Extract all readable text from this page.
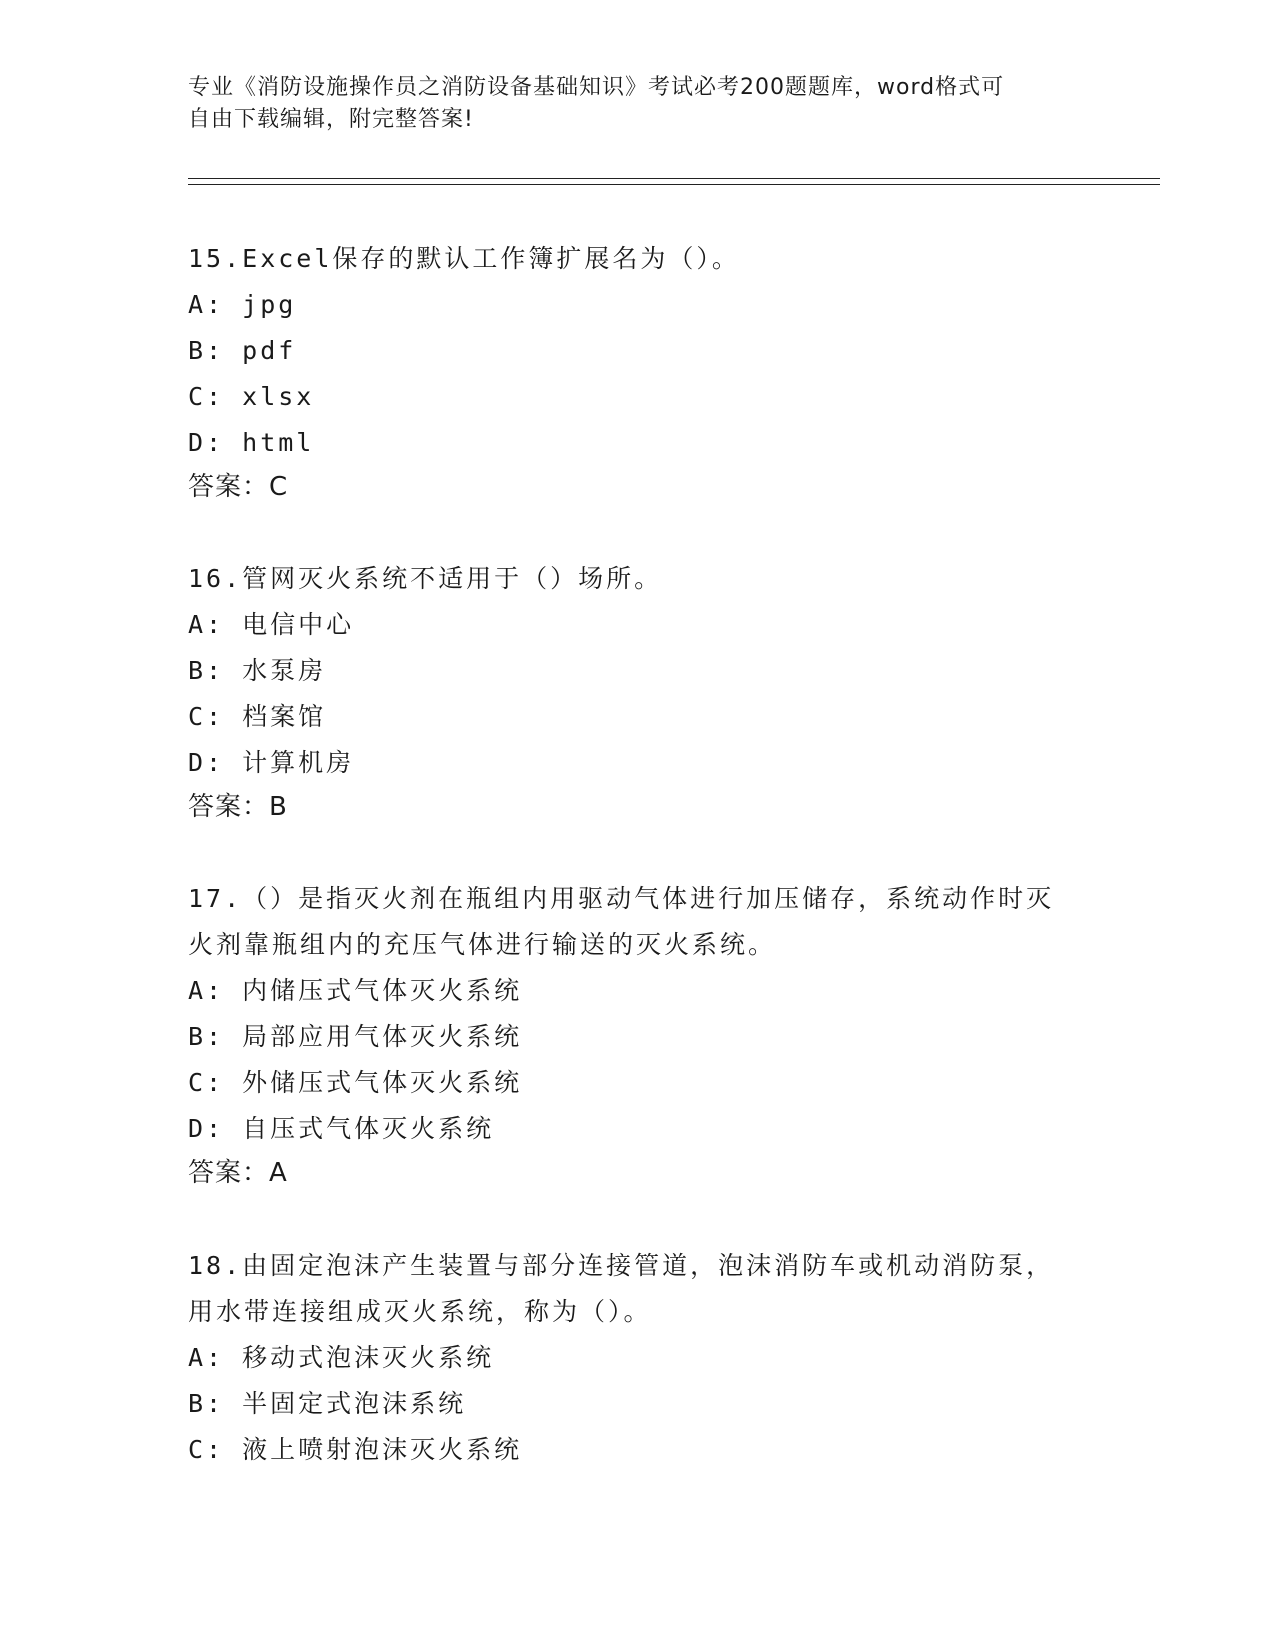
专业《消防设施操作员之消防设备基础知识》考试必考200题题库，word格式可
自由下载编辑，附完整答案!

15.Excel保存的默认工作簿扩展名为（）。

A: jpg

B: pdf

C: xlsx

D: html

答案：C

16.管网灭火系统不适用于（）场所。

A: 电信中心

B: 水泵房

C: 档案馆

D: 计算机房

答案：B

17.（）是指灭火剂在瓶组内用驱动气体进行加压储存，系统动作时灭

火剂靠瓶组内的充压气体进行输送的灭火系统。

A: 内储压式气体灭火系统

B: 局部应用气体灭火系统

C: 外储压式气体灭火系统

D: 自压式气体灭火系统

答案：A

18.由固定泡沫产生装置与部分连接管道，泡沫消防车或机动消防泵，

用水带连接组成灭火系统，称为（）。

A: 移动式泡沫灭火系统

B: 半固定式泡沫系统

C: 液上喷射泡沫灭火系统
